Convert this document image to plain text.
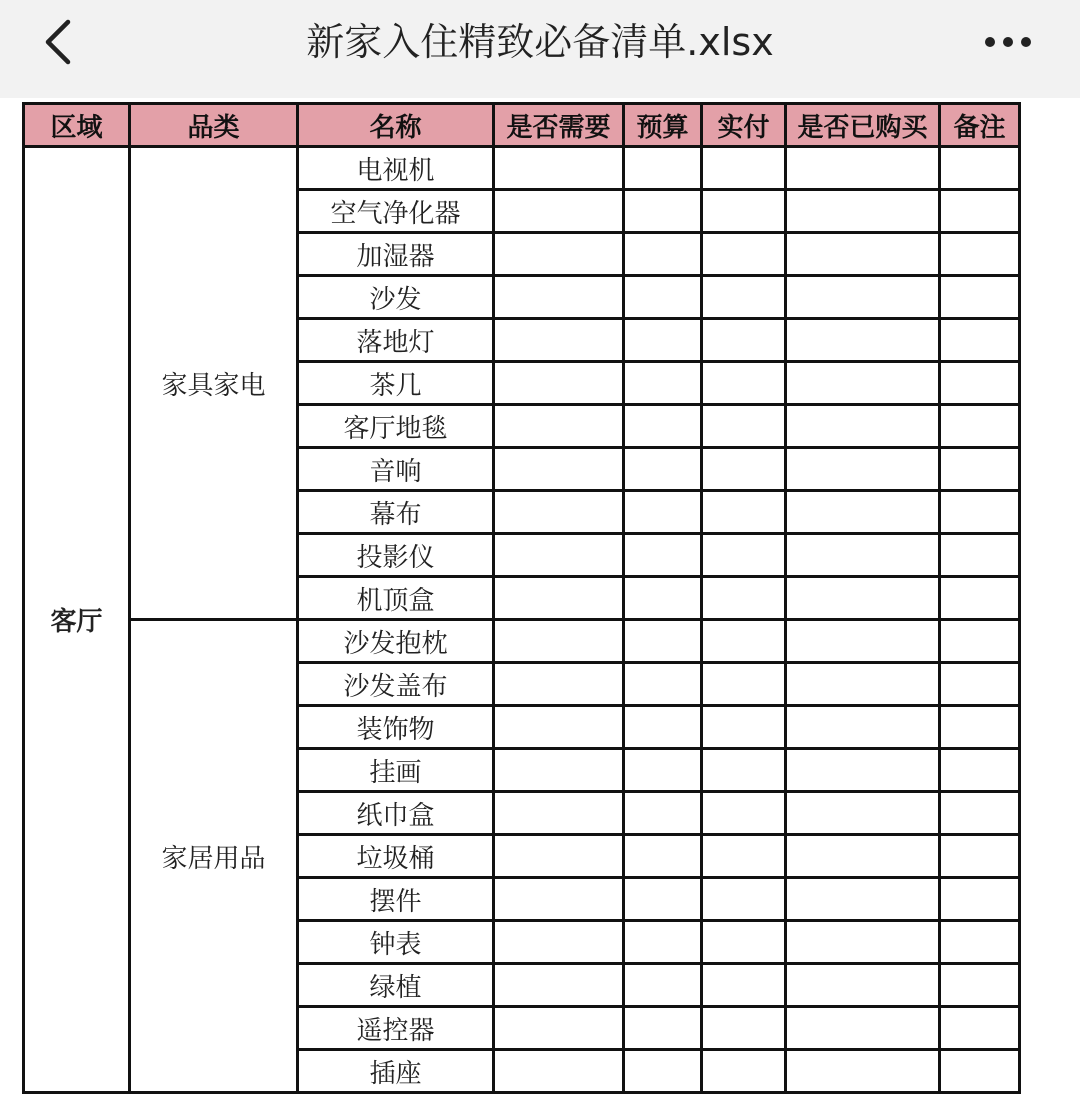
新家入住精致必备清单.xlsx
区域	品类	名称	是否需要	预算	实付	是否已购买	备注
客厅	家具家电	电视机					
		空气净化器					
		加湿器					
		沙发					
		落地灯					
		茶几					
		客厅地毯					
		音响					
		幕布					
		投影仪					
		机顶盒					
	家居用品	沙发抱枕					
		沙发盖布					
		装饰物					
		挂画					
		纸巾盒					
		垃圾桶					
		摆件					
		钟表					
		绿植					
		遥控器					
		插座					
